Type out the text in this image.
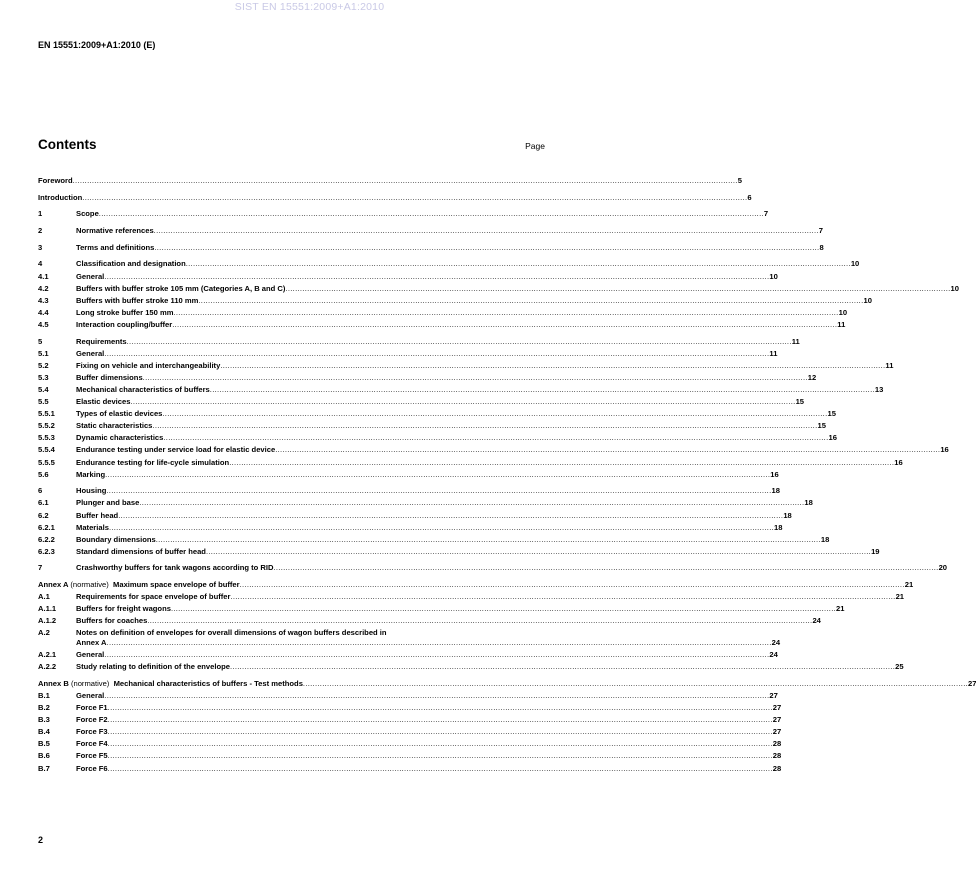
SIST EN 15551:2009+A1:2010
EN 15551:2009+A1:2010 (E)
Contents	Page
Foreword .....	5
Introduction .....	6
1	Scope .....	7
2	Normative references .....	7
3	Terms and definitions .....	8
4	Classification and designation .....	10
4.1	General .....	10
4.2	Buffers with buffer stroke 105 mm (Categories A, B and C) .....	10
4.3	Buffers with buffer stroke 110 mm .....	10
4.4	Long stroke buffer 150 mm .....	10
4.5	Interaction coupling/buffer .....	11
5	Requirements .....	11
5.1	General .....	11
5.2	Fixing on vehicle and interchangeability .....	11
5.3	Buffer dimensions .....	12
5.4	Mechanical characteristics of buffers .....	13
5.5	Elastic devices .....	15
5.5.1	Types of elastic devices .....	15
5.5.2	Static characteristics .....	15
5.5.3	Dynamic characteristics .....	16
5.5.4	Endurance testing under service load for elastic device .....	16
5.5.5	Endurance testing for life-cycle simulation .....	16
5.6	Marking .....	16
6	Housing .....	18
6.1	Plunger and base .....	18
6.2	Buffer head .....	18
6.2.1	Materials .....	18
6.2.2	Boundary dimensions .....	18
6.2.3	Standard dimensions of buffer head .....	19
7	Crashworthy buffers for tank wagons according to RID .....	20
Annex A (normative) Maximum space envelope of buffer .....	21
A.1	Requirements for space envelope of buffer .....	21
A.1.1	Buffers for freight wagons .....	21
A.1.2	Buffers for coaches .....	24
A.2	Notes on definition of envelopes for overall dimensions of wagon buffers described in
Annex A .....	24
A.2.1	General .....	24
A.2.2	Study relating to definition of the envelope .....	25
Annex B (normative) Mechanical characteristics of buffers - Test methods .....	27
B.1	General .....	27
B.2	Force F1 .....	27
B.3	Force F2 .....	27
B.4	Force F3 .....	27
B.5	Force F4 .....	28
B.6	Force F5 .....	28
B.7	Force F6 .....	28
2
